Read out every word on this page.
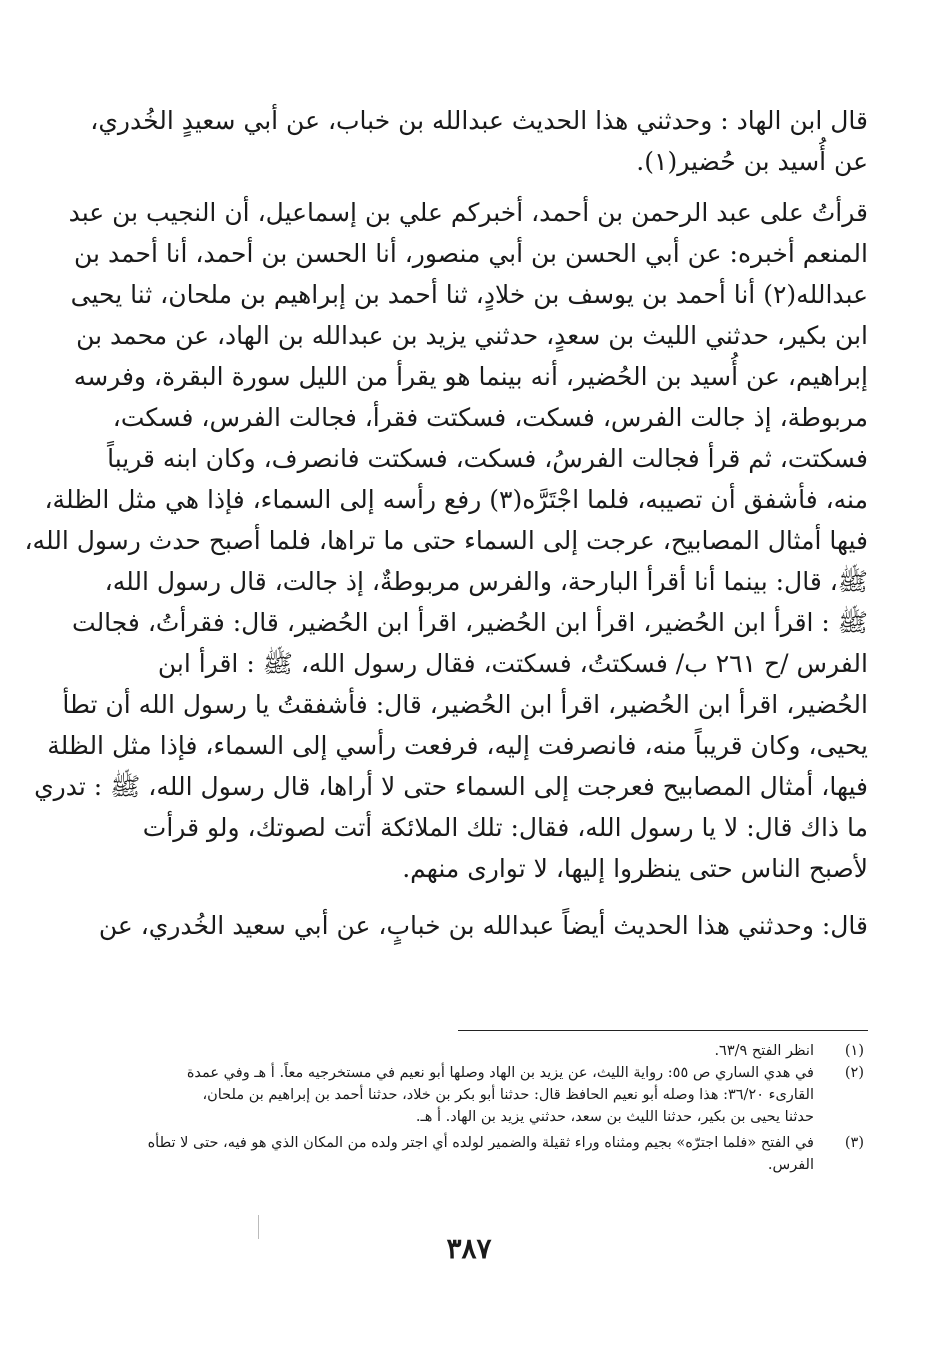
قال ابن الهاد : وحدثني هذا الحديث عبدالله بن خباب، عن أبي سعيدٍ الخُدري،
عن أُسيد بن حُضير(١).
قرأتُ على عبد الرحمن بن أحمد، أخبركم علي بن إسماعيل، أن النجيب بن عبد
المنعم أخبره: عن أبي الحسن بن أبي منصور، أنا الحسن بن أحمد، أنا أحمد بن
عبدالله(٢) أنا أحمد بن يوسف بن خلادٍ، ثنا أحمد بن إبراهيم بن ملحان، ثنا يحيى
ابن بكير، حدثني الليث بن سعدٍ، حدثني يزيد بن عبدالله بن الهاد، عن محمد بن
إبراهيم، عن أُسيد بن الحُضير، أنه بينما هو يقرأ من الليل سورة البقرة، وفرسه
مربوطة، إذ جالت الفرس، فسكت، فسكتت فقرأ، فجالت الفرس، فسكت،
فسكتت، ثم قرأ فجالت الفرسُ، فسكت، فسكتت فانصرف، وكان ابنه قريباً
منه، فأشفق أن تصيبه، فلما اجْتَرَّه(٣) رفع رأسه إلى السماء، فإذا هي مثل الظلة،
فيها أمثال المصابيح، عرجت إلى السماء حتى ما تراها، فلما أصبح حدث رسول الله،
ﷺ، قال: بينما أنا أقرأ البارحة، والفرس مربوطةٌ، إذ جالت، قال رسول الله،
ﷺ : اقرأ ابن الحُضير، اقرأ ابن الحُضير، اقرأ ابن الحُضير، قال: فقرأتُ، فجالت
الفرس /ح ٢٦١ ب/ فسكتتُ، فسكتت، فقال رسول الله، ﷺ : اقرأ ابن
الحُضير، اقرأ ابن الحُضير، اقرأ ابن الحُضير، قال: فأشفقتُ يا رسول الله أن تطأ
يحيى، وكان قريباً منه، فانصرفت إليه، فرفعت رأسي إلى السماء، فإذا مثل الظلة
فيها، أمثال المصابيح فعرجت إلى السماء حتى لا أراها، قال رسول الله، ﷺ : تدري
ما ذاك قال: لا يا رسول الله، فقال: تلك الملائكة أتت لصوتك، ولو قرأت
لأصبح الناس حتى ينظروا إليها، لا توارى منهم.
قال: وحدثني هذا الحديث أيضاً عبدالله بن خبابٍ، عن أبي سعيد الخُدري، عن
(١)
انظر الفتح ٦٣/٩.
(٢)
في هدي الساري ص ٥٥: رواية الليث، عن يزيد بن الهاد وصلها أبو نعيم في مستخرجيه معاً. أ هـ وفي عمدة
القارىء ٣٦/٢٠: هذا وصله أبو نعيم الحافظ قال: حدثنا أبو بكر بن خلاد، حدثنا أحمد بن إبراهيم بن ملحان،
حدثنا يحيى بن بكير، حدثنا الليث بن سعد، حدثني يزيد بن الهاد. أ هـ.
(٣)
في الفتح «فلما اجترّه» بجيم ومثناه وراء ثقيلة والضمير لولده أي اجتر ولده من المكان الذي هو فيه، حتى لا تطأه
الفرس.
٣٨٧
